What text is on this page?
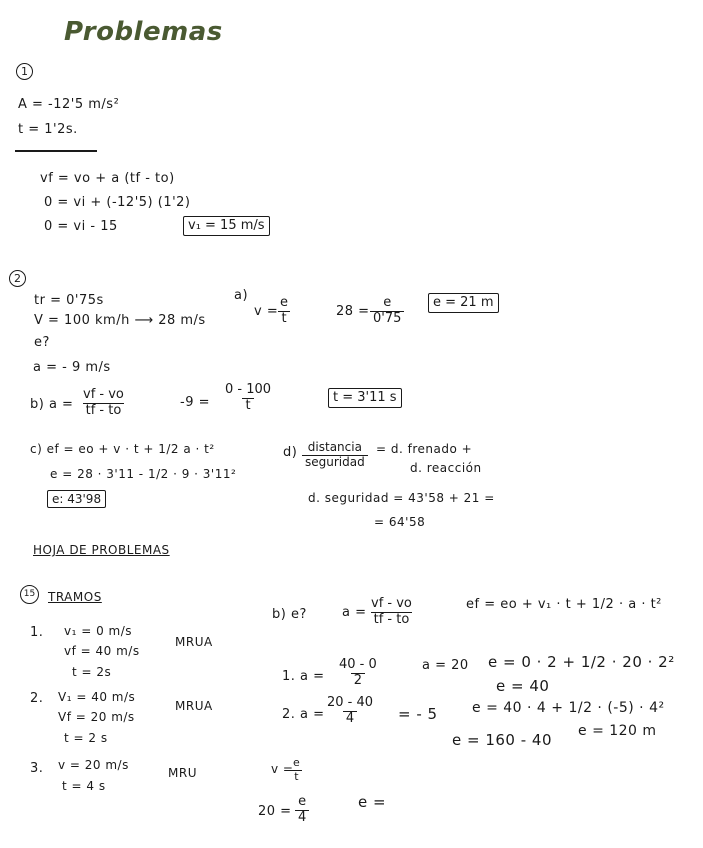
Problemas
1
A = -12'5 m/s²
t = 1'2s.
vf = vo + a (tf - to)
0 = vi + (-12'5) (1'2)
0 = vi - 15	v₁ = 15 m/s
2
tr = 0'75s
V = 100 km/h ⟶ 28 m/s
e?
a = - 9 m/s
a)
v =
$\frac{e}{t}$	$28 = \frac{e}{0'75}$	e = 21 m
b) $a = \frac{vf - vo}{tf - to}$	$-9 = \frac{0 - 100}{t}$	t = 3'11 s
c) ef = eo + v · t + 1/2 a · t²
e = 28 · 3'11 - 1/2 · 9 · 3'11²
e: 43'98
d) distancia
seguridad
= d. frenado +
d. reacción
d. seguridad = 43'58 + 21 =
= 64'58
HOJA DE PROBLEMAS
15	TRAMOS
1. v₁ = 0 m/s
vf = 40 m/s
t = 2s
MRUA
2. V₁ = 40 m/s
Vf = 20 m/s
t = 2 s
MRUA
3. v = 20 m/s
t = 4 s
MRU
b) e?	$a = \frac{vf - vo}{tf - to}$	ef = eo + v₁ · t + 1/2 · a · t²
1. $a = \frac{40 - 0}{2}$	a = 20 e = 0 · 2 + 1/2 · 20 · 2²
e = 40
2. $a = \frac{20 - 40}{4}$ = - 5 e = 40 · 4 + 1/2 · (-5) · 4²
e = 160 - 40 e = 120 m
v =
$\frac{e}{t}$
$20 = \frac{e}{4}$	e =
